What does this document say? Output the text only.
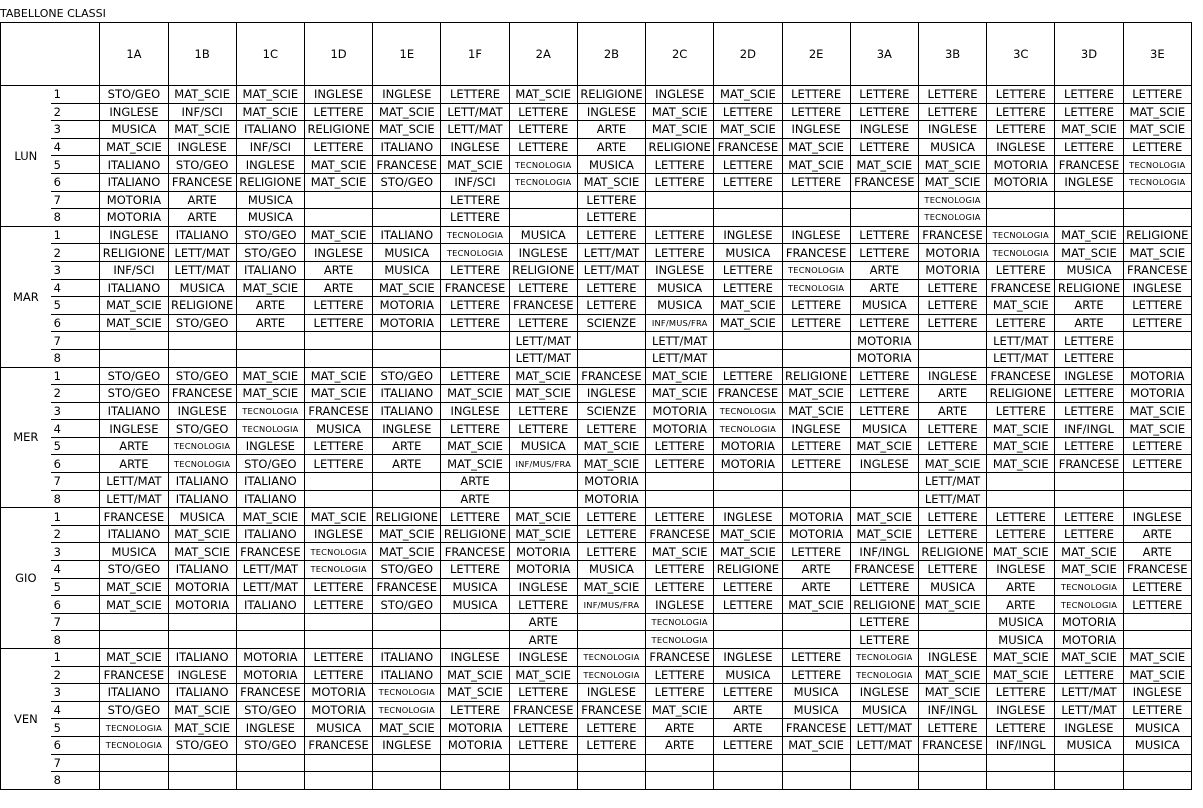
TABELLONE CLASSI
		1A	1B	1C	1D	1E	1F	2A	2B	2C	2D	2E	3A	3B	3C	3D	3E
LUN	1	STO/GEO	MAT_SCIE	MAT_SCIE	INGLESE	INGLESE	LETTERE	MAT_SCIE	RELIGIONE	INGLESE	MAT_SCIE	LETTERE	LETTERE	LETTERE	LETTERE	LETTERE	LETTERE
	2	INGLESE	INF/SCI	MAT_SCIE	LETTERE	MAT_SCIE	LETT/MAT	LETTERE	INGLESE	MAT_SCIE	LETTERE	LETTERE	LETTERE	LETTERE	LETTERE	LETTERE	MAT_SCIE
	3	MUSICA	MAT_SCIE	ITALIANO	RELIGIONE	MAT_SCIE	LETT/MAT	LETTERE	ARTE	MAT_SCIE	MAT_SCIE	INGLESE	INGLESE	INGLESE	LETTERE	MAT_SCIE	MAT_SCIE
	4	MAT_SCIE	INGLESE	INF/SCI	LETTERE	ITALIANO	INGLESE	LETTERE	ARTE	RELIGIONE	FRANCESE	MAT_SCIE	LETTERE	MUSICA	INGLESE	LETTERE	LETTERE
	5	ITALIANO	STO/GEO	INGLESE	MAT_SCIE	FRANCESE	MAT_SCIE	TECNOLOGIA	MUSICA	LETTERE	LETTERE	MAT_SCIE	MAT_SCIE	MAT_SCIE	MOTORIA	FRANCESE	TECNOLOGIA
	6	ITALIANO	FRANCESE	RELIGIONE	MAT_SCIE	STO/GEO	INF/SCI	TECNOLOGIA	MAT_SCIE	LETTERE	LETTERE	LETTERE	FRANCESE	MAT_SCIE	MOTORIA	INGLESE	TECNOLOGIA
	7	MOTORIA	ARTE	MUSICA			LETTERE		LETTERE					TECNOLOGIA			
	8	MOTORIA	ARTE	MUSICA			LETTERE		LETTERE					TECNOLOGIA			
MAR	1	INGLESE	ITALIANO	STO/GEO	MAT_SCIE	ITALIANO	TECNOLOGIA	MUSICA	LETTERE	LETTERE	INGLESE	INGLESE	LETTERE	FRANCESE	TECNOLOGIA	MAT_SCIE	RELIGIONE
	2	RELIGIONE	LETT/MAT	STO/GEO	INGLESE	MUSICA	TECNOLOGIA	INGLESE	LETT/MAT	LETTERE	MUSICA	FRANCESE	LETTERE	MOTORIA	TECNOLOGIA	MAT_SCIE	MAT_SCIE
	3	INF/SCI	LETT/MAT	ITALIANO	ARTE	MUSICA	LETTERE	RELIGIONE	LETT/MAT	INGLESE	LETTERE	TECNOLOGIA	ARTE	MOTORIA	LETTERE	MUSICA	FRANCESE
	4	ITALIANO	MUSICA	MAT_SCIE	ARTE	MAT_SCIE	FRANCESE	LETTERE	LETTERE	MUSICA	LETTERE	TECNOLOGIA	ARTE	LETTERE	FRANCESE	RELIGIONE	INGLESE
	5	MAT_SCIE	RELIGIONE	ARTE	LETTERE	MOTORIA	LETTERE	FRANCESE	LETTERE	MUSICA	MAT_SCIE	LETTERE	MUSICA	LETTERE	MAT_SCIE	ARTE	LETTERE
	6	MAT_SCIE	STO/GEO	ARTE	LETTERE	MOTORIA	LETTERE	LETTERE	SCIENZE	INF/MUS/FRA	MAT_SCIE	LETTERE	LETTERE	LETTERE	LETTERE	ARTE	LETTERE
	7							LETT/MAT		LETT/MAT			MOTORIA		LETT/MAT	LETTERE	
	8							LETT/MAT		LETT/MAT			MOTORIA		LETT/MAT	LETTERE	
MER	1	STO/GEO	STO/GEO	MAT_SCIE	MAT_SCIE	STO/GEO	LETTERE	MAT_SCIE	FRANCESE	MAT_SCIE	LETTERE	RELIGIONE	LETTERE	INGLESE	FRANCESE	INGLESE	MOTORIA
	2	STO/GEO	FRANCESE	MAT_SCIE	MAT_SCIE	ITALIANO	MAT_SCIE	MAT_SCIE	INGLESE	MAT_SCIE	FRANCESE	MAT_SCIE	LETTERE	ARTE	RELIGIONE	LETTERE	MOTORIA
	3	ITALIANO	INGLESE	TECNOLOGIA	FRANCESE	ITALIANO	INGLESE	LETTERE	SCIENZE	MOTORIA	TECNOLOGIA	MAT_SCIE	LETTERE	ARTE	LETTERE	LETTERE	MAT_SCIE
	4	INGLESE	STO/GEO	TECNOLOGIA	MUSICA	INGLESE	LETTERE	LETTERE	LETTERE	MOTORIA	TECNOLOGIA	INGLESE	MUSICA	LETTERE	MAT_SCIE	INF/INGL	MAT_SCIE
	5	ARTE	TECNOLOGIA	INGLESE	LETTERE	ARTE	MAT_SCIE	MUSICA	MAT_SCIE	LETTERE	MOTORIA	LETTERE	MAT_SCIE	LETTERE	MAT_SCIE	LETTERE	LETTERE
	6	ARTE	TECNOLOGIA	STO/GEO	LETTERE	ARTE	MAT_SCIE	INF/MUS/FRA	MAT_SCIE	LETTERE	MOTORIA	LETTERE	INGLESE	MAT_SCIE	MAT_SCIE	FRANCESE	LETTERE
	7	LETT/MAT	ITALIANO	ITALIANO			ARTE		MOTORIA					LETT/MAT			
	8	LETT/MAT	ITALIANO	ITALIANO			ARTE		MOTORIA					LETT/MAT			
GIO	1	FRANCESE	MUSICA	MAT_SCIE	MAT_SCIE	RELIGIONE	LETTERE	MAT_SCIE	LETTERE	LETTERE	INGLESE	MOTORIA	MAT_SCIE	LETTERE	LETTERE	LETTERE	INGLESE
	2	ITALIANO	MAT_SCIE	ITALIANO	INGLESE	MAT_SCIE	RELIGIONE	MAT_SCIE	LETTERE	FRANCESE	MAT_SCIE	MOTORIA	MAT_SCIE	LETTERE	LETTERE	LETTERE	ARTE
	3	MUSICA	MAT_SCIE	FRANCESE	TECNOLOGIA	MAT_SCIE	FRANCESE	MOTORIA	LETTERE	MAT_SCIE	MAT_SCIE	LETTERE	INF/INGL	RELIGIONE	MAT_SCIE	MAT_SCIE	ARTE
	4	STO/GEO	ITALIANO	LETT/MAT	TECNOLOGIA	STO/GEO	LETTERE	MOTORIA	MUSICA	LETTERE	RELIGIONE	ARTE	FRANCESE	LETTERE	INGLESE	MAT_SCIE	FRANCESE
	5	MAT_SCIE	MOTORIA	LETT/MAT	LETTERE	FRANCESE	MUSICA	INGLESE	MAT_SCIE	LETTERE	LETTERE	ARTE	LETTERE	MUSICA	ARTE	TECNOLOGIA	LETTERE
	6	MAT_SCIE	MOTORIA	ITALIANO	LETTERE	STO/GEO	MUSICA	LETTERE	INF/MUS/FRA	INGLESE	LETTERE	MAT_SCIE	RELIGIONE	MAT_SCIE	ARTE	TECNOLOGIA	LETTERE
	7							ARTE		TECNOLOGIA			LETTERE		MUSICA	MOTORIA	
	8							ARTE		TECNOLOGIA			LETTERE		MUSICA	MOTORIA	
VEN	1	MAT_SCIE	ITALIANO	MOTORIA	LETTERE	ITALIANO	INGLESE	INGLESE	TECNOLOGIA	FRANCESE	INGLESE	LETTERE	TECNOLOGIA	INGLESE	MAT_SCIE	MAT_SCIE	MAT_SCIE
	2	FRANCESE	INGLESE	MOTORIA	LETTERE	ITALIANO	MAT_SCIE	MAT_SCIE	TECNOLOGIA	LETTERE	MUSICA	LETTERE	TECNOLOGIA	MAT_SCIE	MAT_SCIE	LETTERE	MAT_SCIE
	3	ITALIANO	ITALIANO	FRANCESE	MOTORIA	TECNOLOGIA	MAT_SCIE	LETTERE	INGLESE	LETTERE	LETTERE	MUSICA	INGLESE	MAT_SCIE	LETTERE	LETT/MAT	INGLESE
	4	STO/GEO	MAT_SCIE	STO/GEO	MOTORIA	TECNOLOGIA	LETTERE	FRANCESE	FRANCESE	MAT_SCIE	ARTE	MUSICA	MUSICA	INF/INGL	INGLESE	LETT/MAT	LETTERE
	5	TECNOLOGIA	MAT_SCIE	INGLESE	MUSICA	MAT_SCIE	MOTORIA	LETTERE	LETTERE	ARTE	ARTE	FRANCESE	LETT/MAT	LETTERE	LETTERE	INGLESE	MUSICA
	6	TECNOLOGIA	STO/GEO	STO/GEO	FRANCESE	INGLESE	MOTORIA	LETTERE	LETTERE	ARTE	LETTERE	MAT_SCIE	LETT/MAT	FRANCESE	INF/INGL	MUSICA	MUSICA
	7																
	8																
